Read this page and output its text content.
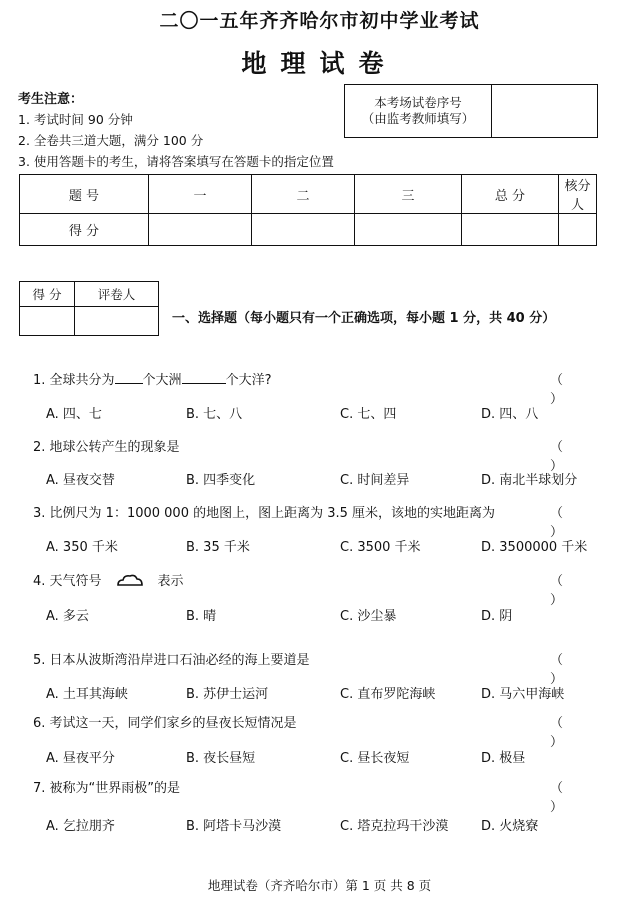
二〇一五年齐齐哈尔市初中学业考试
地理试卷
考生注意：
1. 考试时间 90 分钟
2. 全卷共三道大题，满分 100 分
3. 使用答题卡的考生，请将答案填写在答题卡的指定位置
本考场试卷序号
（由监考教师填写）

题 号	一	二	三	总 分	核分人
得 分					
得 分	评卷人

一、选择题（每小题只有一个正确选项，每小题 1 分，共 40 分）
1. 全球共分为 个大洲	个大洋?	（ ）
A. 四、七	B. 七、八	C. 七、四	D. 四、八
2. 地球公转产生的现象是	（ ）
A. 昼夜交替	B. 四季变化	C. 时间差异	D. 南北半球划分
3. 比例尺为 1：1000 000 的地图上，图上距离为 3.5 厘米，该地的实地距离为	（ ）
A. 350 千米	B. 35 千米	C. 3500 千米	D. 3500000 千米
4. 天气符号	表示	（ ）
A. 多云	B. 晴	C. 沙尘暴	D. 阴
5. 日本从波斯湾沿岸进口石油必经的海上要道是	（ ）
A. 土耳其海峡	B. 苏伊士运河	C. 直布罗陀海峡	D. 马六甲海峡
6. 考试这一天，同学们家乡的昼夜长短情况是	（ ）
A. 昼夜平分	B. 夜长昼短	C. 昼长夜短	D. 极昼
7. 被称为“世界雨极”的是	（ ）
A. 乞拉朋齐	B. 阿塔卡马沙漠	C. 塔克拉玛干沙漠	D. 火烧寮
地理试卷（齐齐哈尔市）第 1 页 共 8 页
